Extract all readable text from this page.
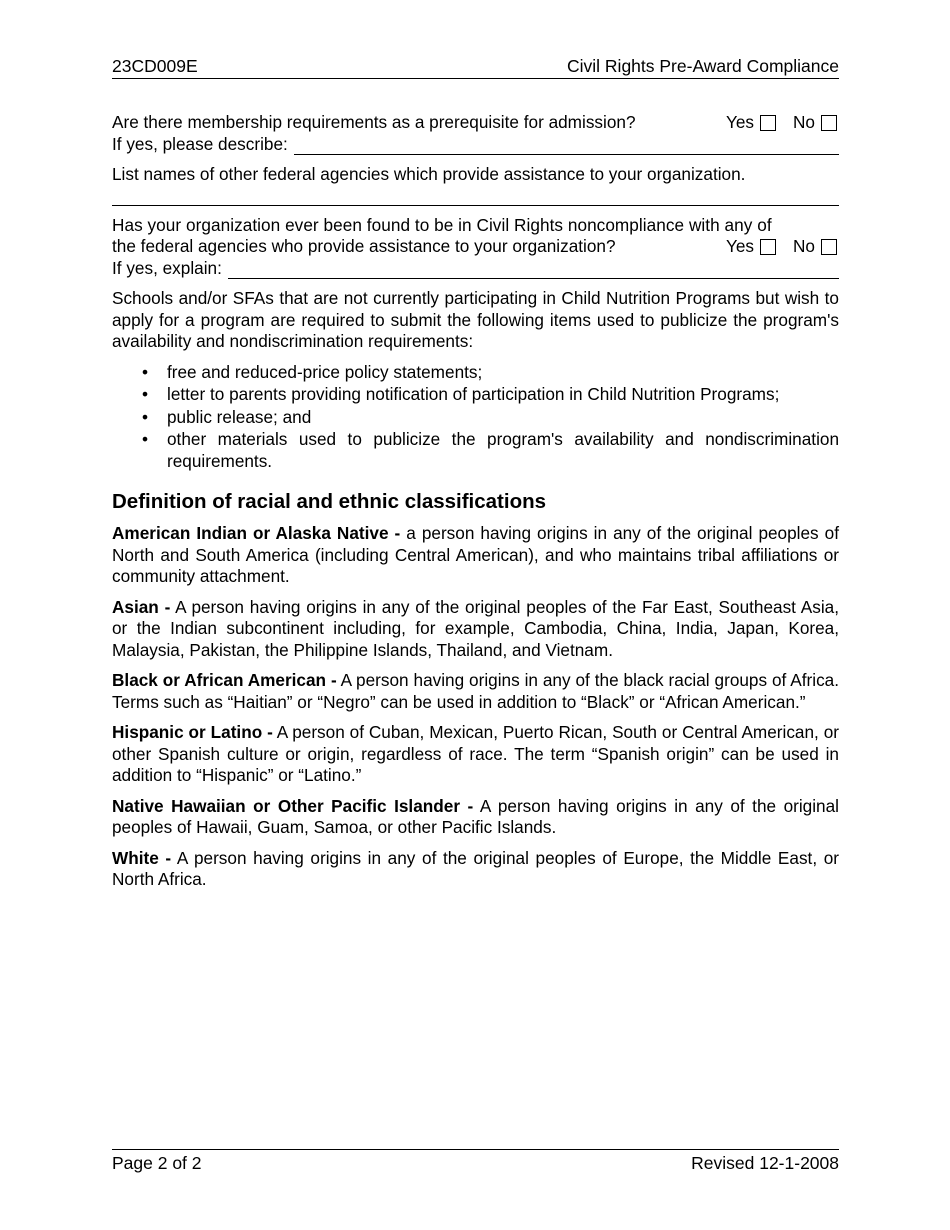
23CD009E	Civil Rights Pre-Award Compliance
Are there membership requirements as a prerequisite for admission?	Yes No
If yes, please describe:
List names of other federal agencies which provide assistance to your organization.
Has your organization ever been found to be in Civil Rights noncompliance with any of
the federal agencies who provide assistance to your organization?	Yes No
If yes, explain:

Schools and/or SFAs that are not currently participating in Child Nutrition Programs but wish to apply for a program are required to submit the following items used to publicize the program's availability and nondiscrimination requirements:

• free and reduced-price policy statements;
• letter to parents providing notification of participation in Child Nutrition Programs;
• public release; and
• other materials used to publicize the program's availability and nondiscrimination requirements.
Definition of racial and ethnic classifications

American Indian or Alaska Native - a person having origins in any of the original peoples of North and South America (including Central American), and who maintains tribal affiliations or community attachment.

Asian - A person having origins in any of the original peoples of the Far East, Southeast Asia, or the Indian subcontinent including, for example, Cambodia, China, India, Japan, Korea, Malaysia, Pakistan, the Philippine Islands, Thailand, and Vietnam.

Black or African American - A person having origins in any of the black racial groups of Africa. Terms such as “Haitian” or “Negro” can be used in addition to “Black” or “African American.”

Hispanic or Latino - A person of Cuban, Mexican, Puerto Rican, South or Central American, or other Spanish culture or origin, regardless of race. The term “Spanish origin” can be used in addition to “Hispanic” or “Latino.”

Native Hawaiian or Other Pacific Islander - A person having origins in any of the original peoples of Hawaii, Guam, Samoa, or other Pacific Islands.

White - A person having origins in any of the original peoples of Europe, the Middle East, or North Africa.

Page 2 of 2	Revised 12-1-2008
